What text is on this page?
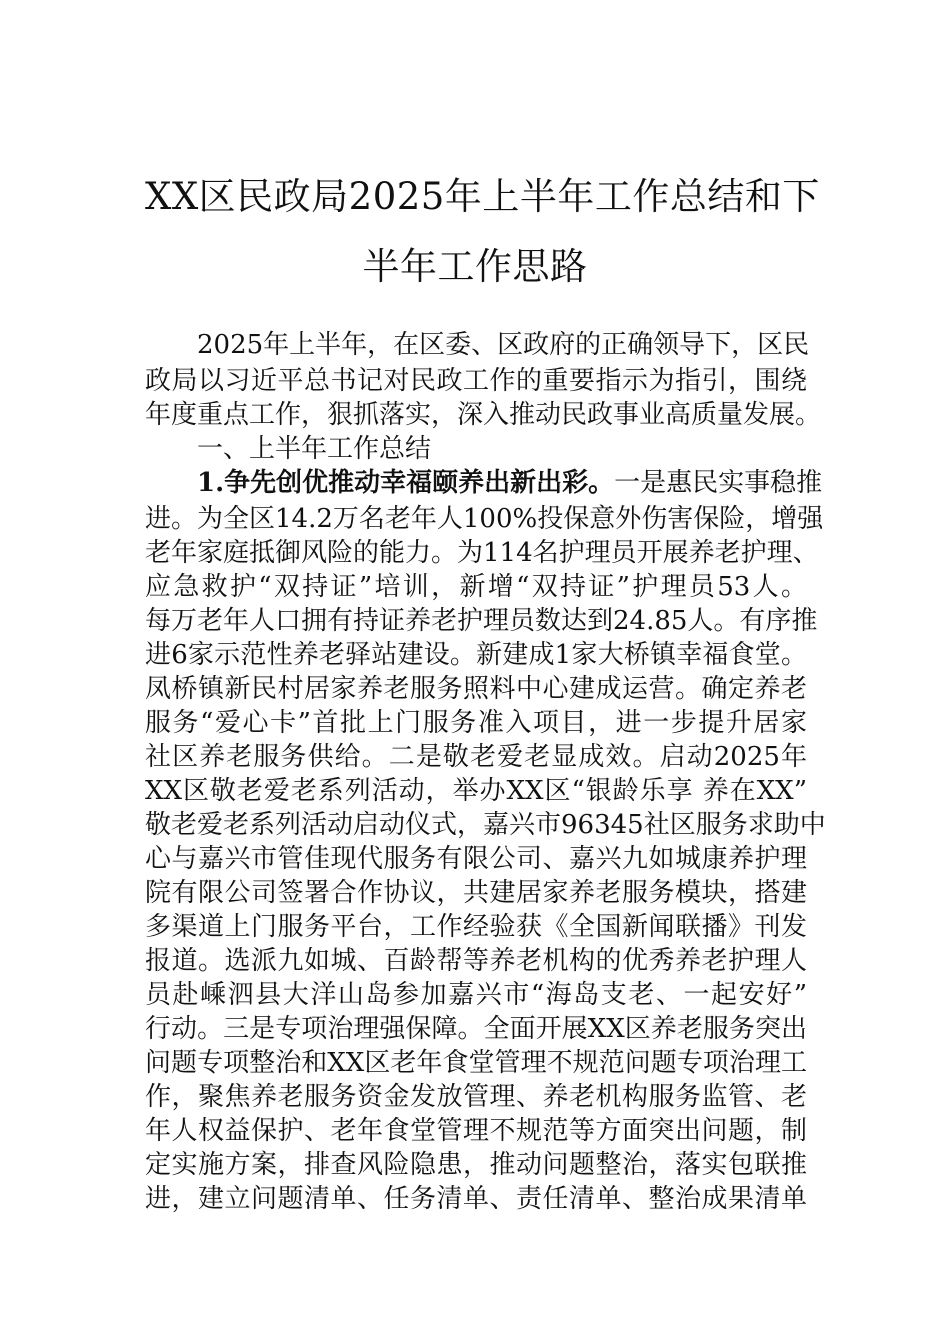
XX区民政局2025年上半年工作总结和下
半年工作思路
2025年上半年，在区委、区政府的正确领导下，区民
政局以习近平总书记对民政工作的重要指示为指引，围绕
年度重点工作，狠抓落实，深入推动民政事业高质量发展。
一、上半年工作总结
1.争先创优推动幸福颐养出新出彩。一是惠民实事稳推
进。为全区14.2万名老年人100%投保意外伤害保险，增强
老年家庭抵御风险的能力。为114名护理员开展养老护理、
应急救护“双持证”培训，新增“双持证”护理员53人。
每万老年人口拥有持证养老护理员数达到24.85人。有序推
进6家示范性养老驿站建设。新建成1家大桥镇幸福食堂。
凤桥镇新民村居家养老服务照料中心建成运营。确定养老
服务“爱心卡”首批上门服务准入项目，进一步提升居家
社区养老服务供给。二是敬老爱老显成效。启动2025年
XX区敬老爱老系列活动，举办XX区“银龄乐享 养在XX”
敬老爱老系列活动启动仪式，嘉兴市96345社区服务求助中
心与嘉兴市管佳现代服务有限公司、嘉兴九如城康养护理
院有限公司签署合作协议，共建居家养老服务模块，搭建
多渠道上门服务平台，工作经验获《全国新闻联播》刊发
报道。选派九如城、百龄帮等养老机构的优秀养老护理人
员赴嵊泗县大洋山岛参加嘉兴市“海岛支老、一起安好”
行动。三是专项治理强保障。全面开展XX区养老服务突出
问题专项整治和XX区老年食堂管理不规范问题专项治理工
作，聚焦养老服务资金发放管理、养老机构服务监管、老
年人权益保护、老年食堂管理不规范等方面突出问题，制
定实施方案，排查风险隐患，推动问题整治，落实包联推
进，建立问题清单、任务清单、责任清单、整治成果清单
